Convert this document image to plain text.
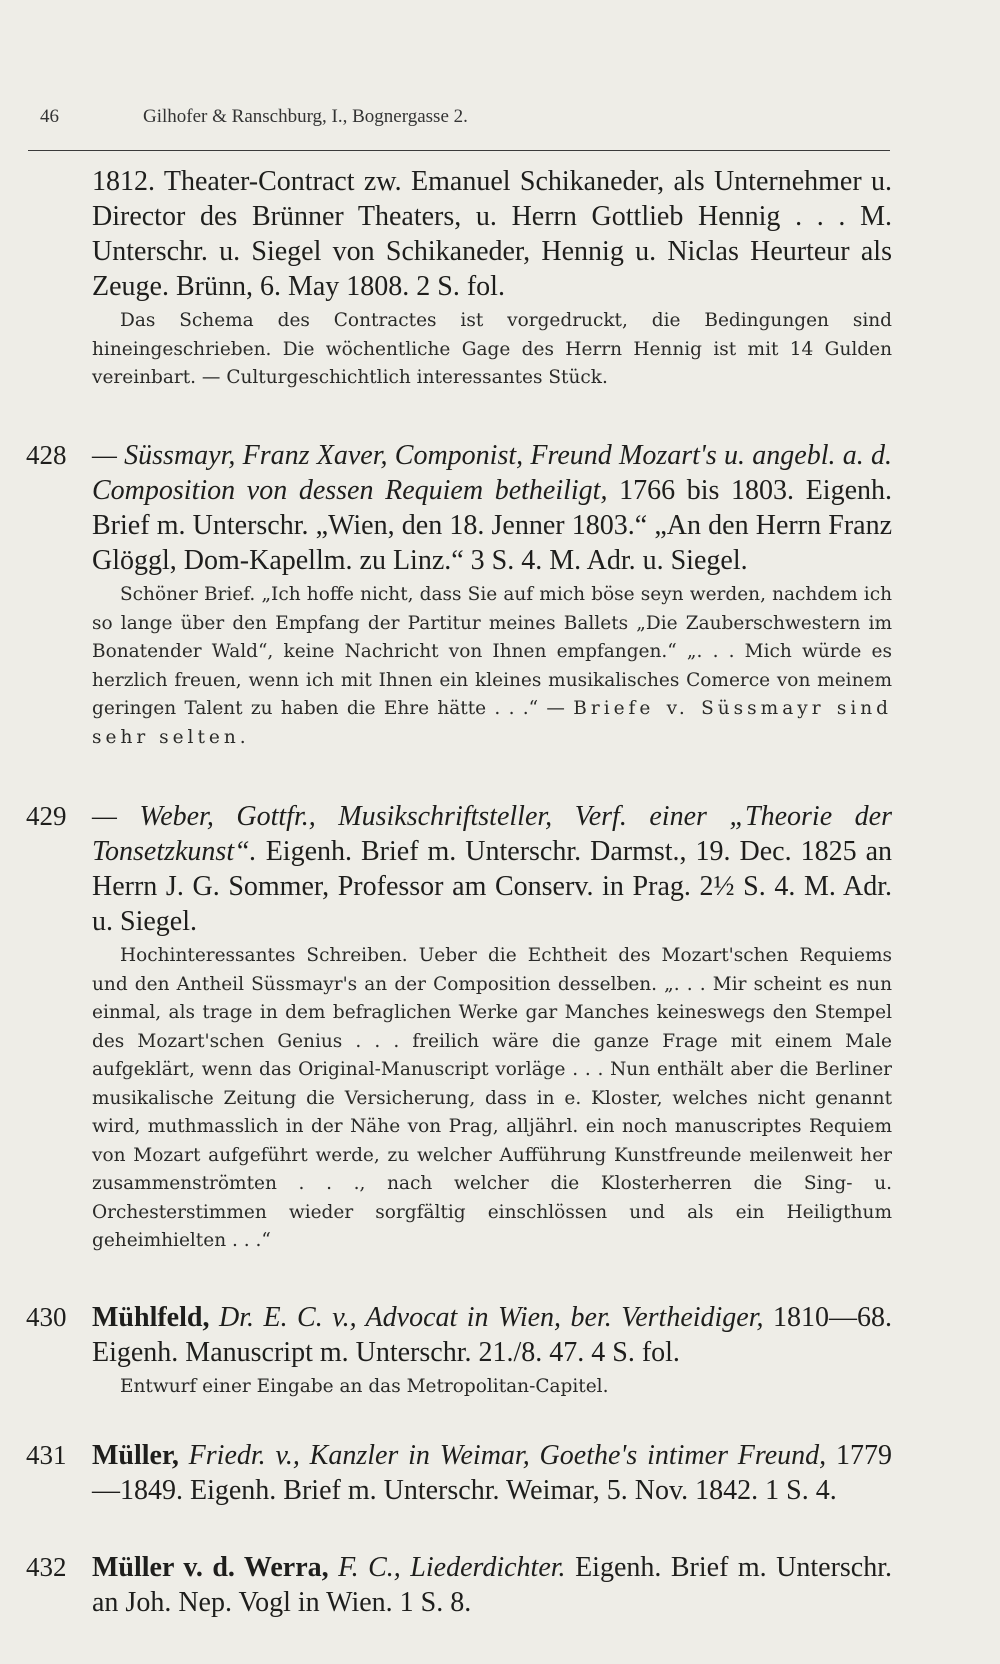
46	Gilhofer & Ranschburg, I., Bognergasse 2.
1812. Theater-Contract zw. Emanuel Schikaneder, als Unternehmer u. Director des Brünner Theaters, u. Herrn Gottlieb Hennig . . . M. Unterschr. u. Siegel von Schikaneder, Hennig u. Niclas Heurteur als Zeuge. Brünn, 6. May 1808. 2 S. fol.
Das Schema des Contractes ist vorgedruckt, die Bedingungen sind hineingeschrieben. Die wöchentliche Gage des Herrn Hennig ist mit 14 Gulden vereinbart. — Culturgeschichtlich interessantes Stück.
428 — Süssmayr, Franz Xaver, Componist, Freund Mozart's u. angebl. a. d. Composition von dessen Requiem betheiligt, 1766 bis 1803. Eigenh. Brief m. Unterschr. „Wien, den 18. Jenner 1803.“ „An den Herrn Franz Glöggl, Dom-Kapellm. zu Linz.“ 3 S. 4. M. Adr. u. Siegel.
Schöner Brief. „Ich hoffe nicht, dass Sie auf mich böse seyn werden, nachdem ich so lange über den Empfang der Partitur meines Ballets „Die Zauberschwestern im Bonatender Wald“, keine Nachricht von Ihnen empfangen.“ „. . . Mich würde es herzlich freuen, wenn ich mit Ihnen ein kleines musikalisches Comerce von meinem geringen Talent zu haben die Ehre hätte . . .“ — Briefe v. Süssmayr sind sehr selten.
429 — Weber, Gottfr., Musikschriftsteller, Verf. einer „Theorie der Tonsetzkunst“. Eigenh. Brief m. Unterschr. Darmst., 19. Dec. 1825 an Herrn J. G. Sommer, Professor am Conserv. in Prag. 2½ S. 4. M. Adr. u. Siegel.
Hochinteressantes Schreiben. Ueber die Echtheit des Mozart'schen Requiems und den Antheil Süssmayr's an der Composition desselben. „. . . Mir scheint es nun einmal, als trage in dem befraglichen Werke gar Manches keineswegs den Stempel des Mozart'schen Genius . . . freilich wäre die ganze Frage mit einem Male aufgeklärt, wenn das Original-Manuscript vorläge . . . Nun enthält aber die Berliner musikalische Zeitung die Versicherung, dass in e. Kloster, welches nicht genannt wird, muthmasslich in der Nähe von Prag, alljährl. ein noch manuscriptes Requiem von Mozart aufgeführt werde, zu welcher Aufführung Kunstfreunde meilenweit her zusammenströmten . . ., nach welcher die Klosterherren die Sing- u. Orchesterstimmen wieder sorgfältig einschlössen und als ein Heiligthum geheimhielten . . .“
430 Mühlfeld, Dr. E. C. v., Advocat in Wien, ber. Vertheidiger, 1810—68. Eigenh. Manuscript m. Unterschr. 21./8. 47. 4 S. fol.
Entwurf einer Eingabe an das Metropolitan-Capitel.
431 Müller, Friedr. v., Kanzler in Weimar, Goethe's intimer Freund, 1779—1849. Eigenh. Brief m. Unterschr. Weimar, 5. Nov. 1842. 1 S. 4.
432 Müller v. d. Werra, F. C., Liederdichter. Eigenh. Brief m. Unterschr. an Joh. Nep. Vogl in Wien. 1 S. 8.
